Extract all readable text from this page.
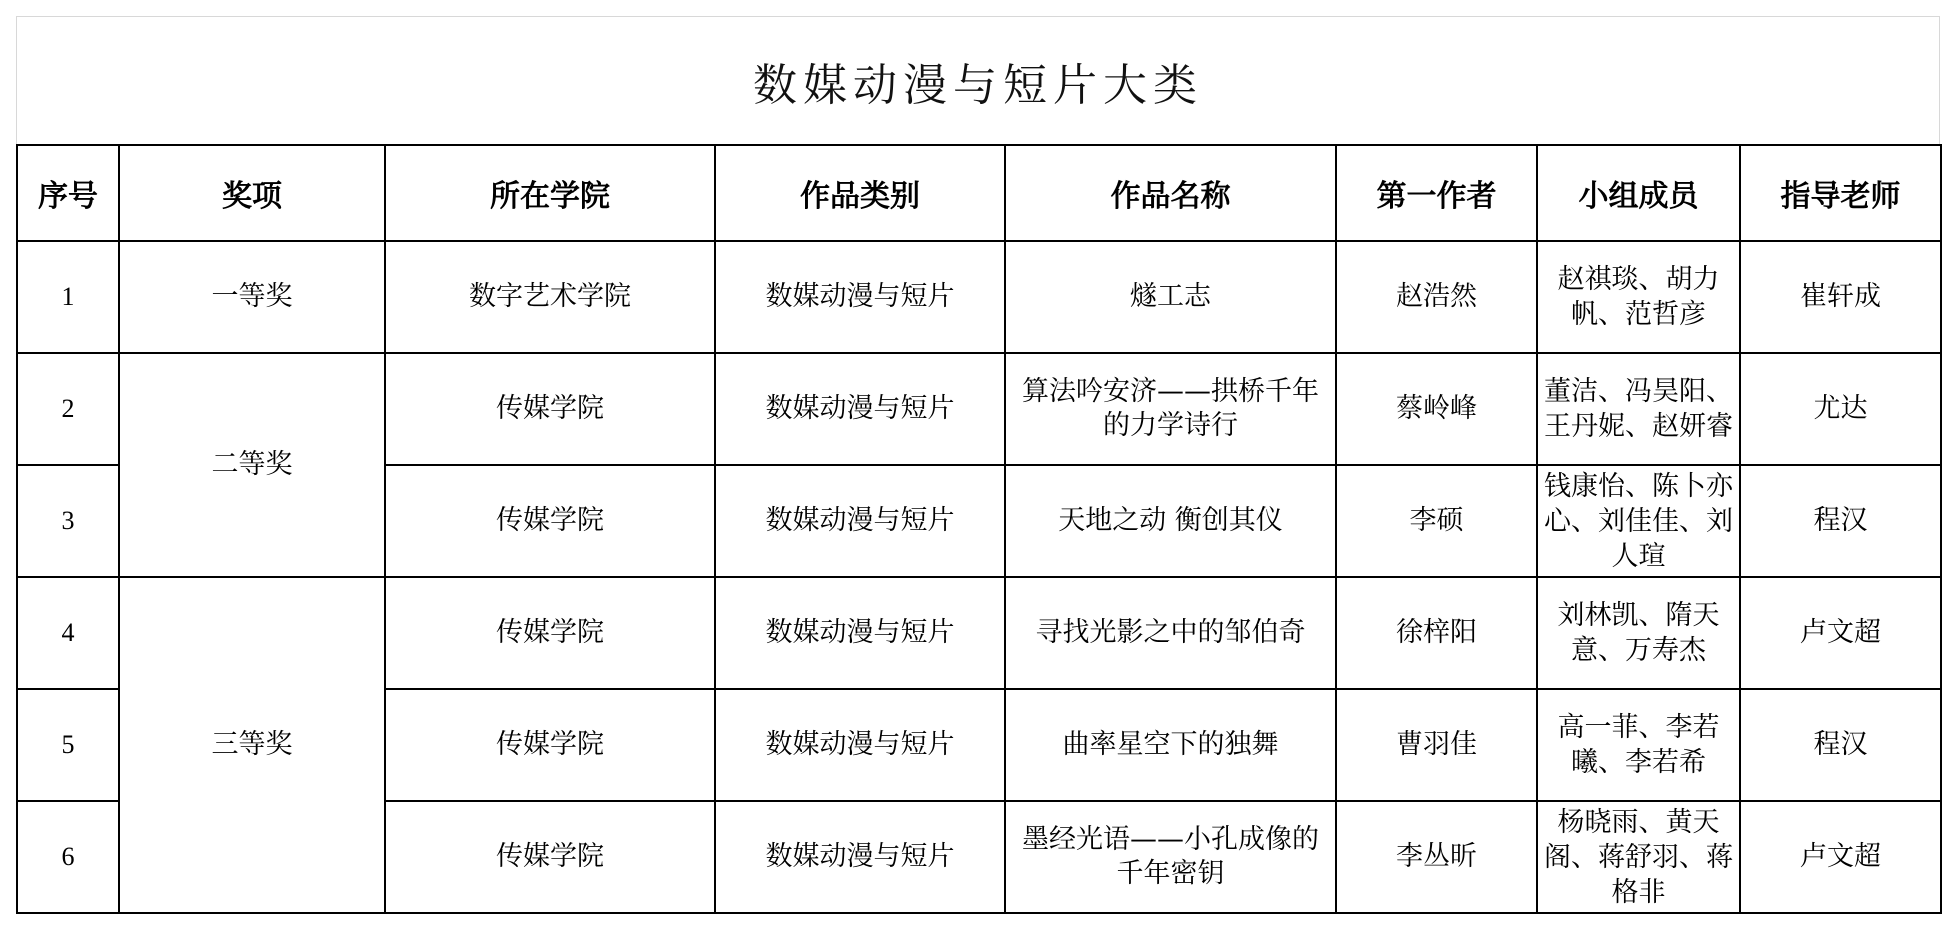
数媒动漫与短片大类
序号	奖项	所在学院	作品类别	作品名称	第一作者	小组成员	指导老师
1	一等奖	数字艺术学院	数媒动漫与短片	燧工志	赵浩然	赵祺琰、胡力帆、范哲彦	崔轩成
2	二等奖	传媒学院	数媒动漫与短片	算法吟安济——拱桥千年的力学诗行	蔡岭峰	董洁、冯昊阳、王丹妮、赵妍睿	尤达
3		传媒学院	数媒动漫与短片	天地之动 衡创其仪	李硕	钱康怡、陈卜亦心、刘佳佳、刘人瑄	程汉
4	三等奖	传媒学院	数媒动漫与短片	寻找光影之中的邹伯奇	徐梓阳	刘林凯、隋天意、万寿杰	卢文超
5		传媒学院	数媒动漫与短片	曲率星空下的独舞	曹羽佳	高一菲、李若曦、李若希	程汉
6		传媒学院	数媒动漫与短片	墨经光语——小孔成像的千年密钥	李丛昕	杨晓雨、黄天阁、蒋舒羽、蒋格非	卢文超
